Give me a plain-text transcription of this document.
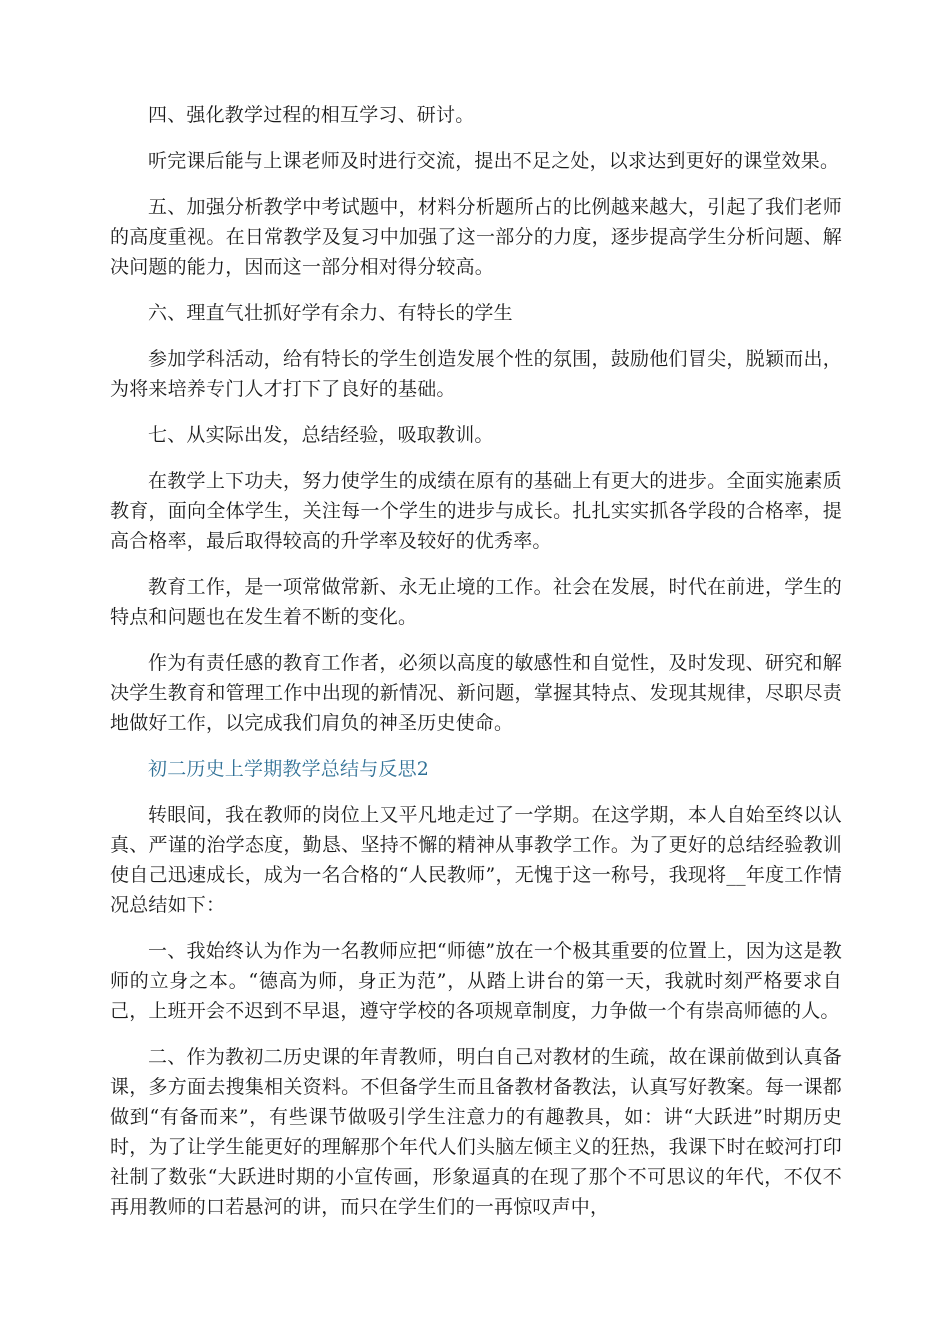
四、强化教学过程的相互学习、研讨。

听完课后能与上课老师及时进行交流，提出不足之处，以求达到更好的课堂效果。

五、加强分析教学中考试题中，材料分析题所占的比例越来越大，引起了我们老师的高度重视。在日常教学及复习中加强了这一部分的力度，逐步提高学生分析问题、解决问题的能力，因而这一部分相对得分较高。

六、理直气壮抓好学有余力、有特长的学生

参加学科活动，给有特长的学生创造发展个性的氛围，鼓励他们冒尖，脱颖而出，为将来培养专门人才打下了良好的基础。

七、从实际出发，总结经验，吸取教训。

在教学上下功夫，努力使学生的成绩在原有的基础上有更大的进步。全面实施素质教育，面向全体学生，关注每一个学生的进步与成长。扎扎实实抓各学段的合格率，提高合格率，最后取得较高的升学率及较好的优秀率。

教育工作，是一项常做常新、永无止境的工作。社会在发展，时代在前进，学生的特点和问题也在发生着不断的变化。

作为有责任感的教育工作者，必须以高度的敏感性和自觉性，及时发现、研究和解决学生教育和管理工作中出现的新情况、新问题，掌握其特点、发现其规律，尽职尽责地做好工作，以完成我们肩负的神圣历史使命。

初二历史上学期教学总结与反思2

转眼间，我在教师的岗位上又平凡地走过了一学期。在这学期，本人自始至终以认真、严谨的治学态度，勤恳、坚持不懈的精神从事教学工作。为了更好的总结经验教训使自己迅速成长，成为一名合格的“人民教师”，无愧于这一称号，我现将__年度工作情况总结如下：

一、我始终认为作为一名教师应把“师德”放在一个极其重要的位置上，因为这是教师的立身之本。“德高为师，身正为范”，从踏上讲台的第一天，我就时刻严格要求自己，上班开会不迟到不早退，遵守学校的各项规章制度，力争做一个有崇高师德的人。

二、作为教初二历史课的年青教师，明白自己对教材的生疏，故在课前做到认真备课，多方面去搜集相关资料。不但备学生而且备教材备教法，认真写好教案。每一课都做到“有备而来”，有些课节做吸引学生注意力的有趣教具，如：讲“大跃进”时期历史时，为了让学生能更好的理解那个年代人们头脑左倾主义的狂热，我课下时在蛟河打印社制了数张“大跃进时期的小宣传画，形象逼真的在现了那个不可思议的年代，不仅不再用教师的口若悬河的讲，而只在学生们的一再惊叹声中，
